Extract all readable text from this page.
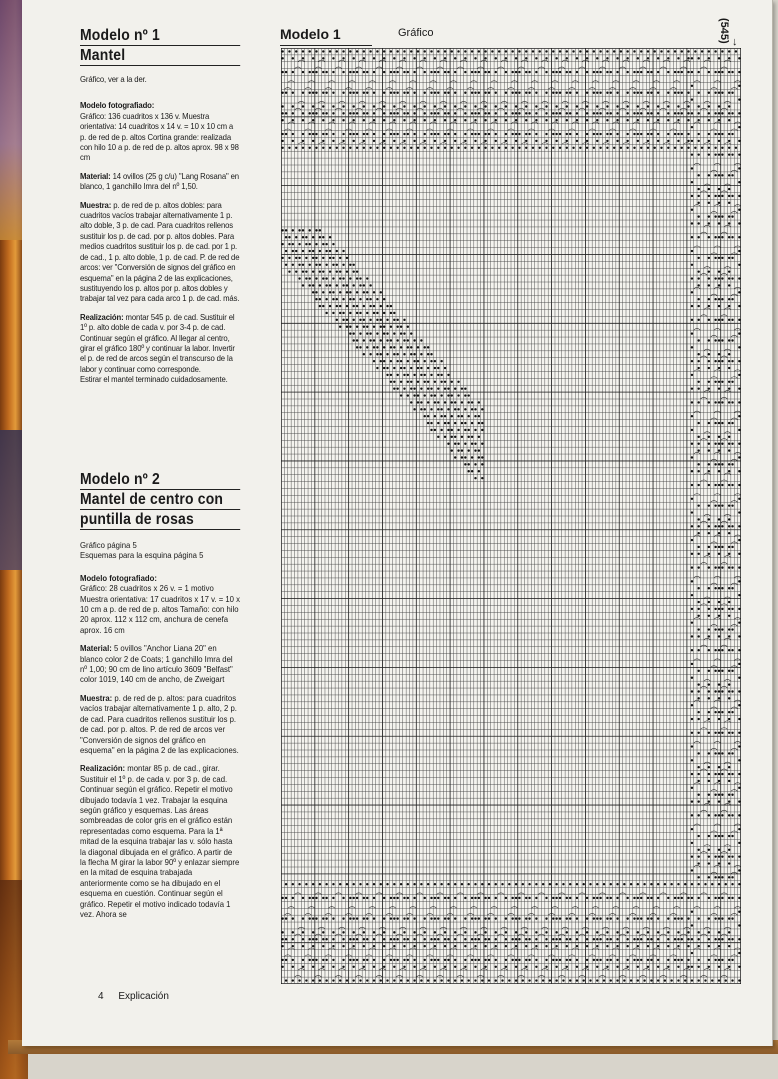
(545) ↓
Modelo nº 1
Mantel

Gráfico, ver a la der.

Modelo fotografiado:
Gráfico: 136 cuadritos x 136 v. Muestra orientativa: 14 cuadritos x 14 v. = 10 x 10 cm a p. de red de p. altos Cortina grande: realizada con hilo 10 a p. de red de p. altos aprox. 98 x 98 cm

Material: 14 ovillos (25 g c/u) "Lang Rosana" en blanco, 1 ganchillo Imra del nº 1,50.

Muestra: p. de red de p. altos dobles: para cuadritos vacíos trabajar alternativamente 1 p. alto doble, 3 p. de cad. Para cuadritos rellenos sustituir los p. de cad. por p. altos dobles. Para medios cuadritos sustituir los p. de cad. por 1 p. de cad., 1 p. alto doble, 1 p. de cad. P. de red de arcos: ver "Conversión de signos del gráfico en esquema" en la página 2 de las explicaciones, sustituyendo los p. altos por p. altos dobles y trabajar tal vez para cada arco 1 p. de cad. más.

Realización: montar 545 p. de cad. Sustituir el 1º p. alto doble de cada v. por 3-4 p. de cad. Continuar según el gráfico. Al llegar al centro, girar el gráfico 180º y continuar la labor. Invertir el p. de red de arcos según el transcurso de la labor y continuar como corresponde.

Estirar el mantel terminado cuidadosamente.

Modelo nº 2
Mantel de centro con
puntilla de rosas

Gráfico página 5
Esquemas para la esquina página 5

Modelo fotografiado:
Gráfico: 28 cuadritos x 26 v. = 1 motivo Muestra orientativa: 17 cuadritos x 17 v. = 10 x 10 cm a p. de red de p. altos Tamaño: con hilo 20 aprox. 112 x 112 cm, anchura de cenefa aprox. 16 cm

Material: 5 ovillos "Anchor Liana 20" en blanco color 2 de Coats; 1 ganchillo Imra del nº 1,00; 90 cm de lino artículo 3609 "Belfast" color 1019, 140 cm de ancho, de Zweigart

Muestra: p. de red de p. altos: para cuadritos vacíos trabajar alternativamente 1 p. alto, 2 p. de cad. Para cuadritos rellenos sustituir los p. de cad. por p. altos. P. de red de arcos ver "Conversión de signos del gráfico en esquema" en la página 2 de las explicaciones.

Realización: montar 85 p. de cad., girar. Sustituir el 1º p. de cada v. por 3 p. de cad. Continuar según el gráfico. Repetir el motivo dibujado todavía 1 vez. Trabajar la esquina según gráfico y esquemas. Las áreas sombreadas de color gris en el gráfico están representadas como esquema. Para la 1ª mitad de la esquina trabajar las v. sólo hasta la diagonal dibujada en el gráfico. A partir de la flecha M girar la labor 90º y enlazar siempre en la mitad de esquina trabajada anteriormente como se ha dibujado en el esquema en cuestión. Continuar según el gráfico. Repetir el motivo indicado todavía 1 vez. Ahora se

4 Explicación
Modelo 1	Gráfico
